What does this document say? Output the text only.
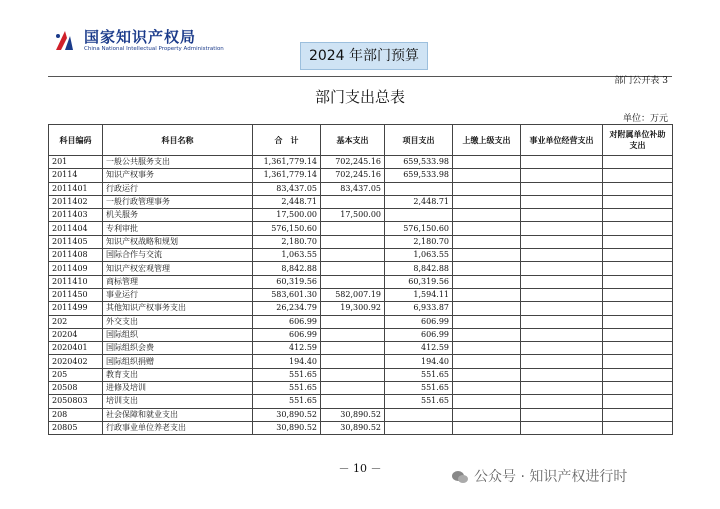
国家知识产权局
China National Intellectual Property Administration	2024 年部门预算
部门公开表 3
部门支出总表
单位：万元
科目编码	科目名称	合　计	基本支出	项目支出	上缴上级支出	事业单位经营支出	对附属单位补助支出
201	一般公共服务支出	1,361,779.14	702,245.16	659,533.98			
20114	知识产权事务	1,361,779.14	702,245.16	659,533.98			
2011401	行政运行	83,437.05	83,437.05				
2011402	一般行政管理事务	2,448.71		2,448.71			
2011403	机关服务	17,500.00	17,500.00				
2011404	专利审批	576,150.60		576,150.60			
2011405	知识产权战略和规划	2,180.70		2,180.70			
2011408	国际合作与交流	1,063.55		1,063.55			
2011409	知识产权宏观管理	8,842.88		8,842.88			
2011410	商标管理	60,319.56		60,319.56			
2011450	事业运行	583,601.30	582,007.19	1,594.11			
2011499	其他知识产权事务支出	26,234.79	19,300.92	6,933.87			
202	外交支出	606.99		606.99			
20204	国际组织	606.99		606.99			
2020401	国际组织会费	412.59		412.59			
2020402	国际组织捐赠	194.40		194.40			
205	教育支出	551.65		551.65			
20508	进修及培训	551.65		551.65			
2050803	培训支出	551.65		551.65			
208	社会保障和就业支出	30,890.52	30,890.52				
20805	行政事业单位养老支出	30,890.52	30,890.52				
－ 10 －
公众号 · 知识产权进行时
